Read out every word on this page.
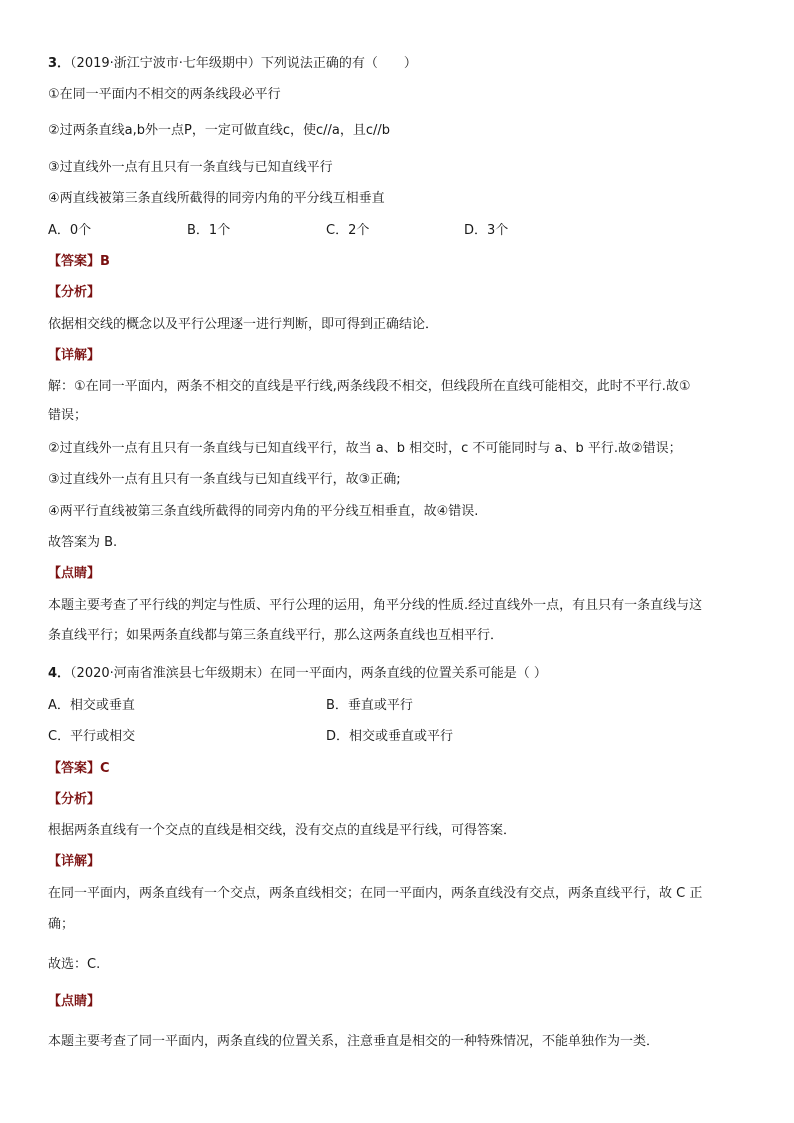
3．（2019·浙江宁波市·七年级期中）下列说法正确的有（　　）
①在同一平面内不相交的两条线段必平行
②过两条直线a,b外一点P，一定可做直线c，使c//a，且c//b
③过直线外一点有且只有一条直线与已知直线平行
④两直线被第三条直线所截得的同旁内角的平分线互相垂直
A．0个	B．1个	C．2个	D．3个
【答案】B
【分析】
依据相交线的概念以及平行公理逐一进行判断，即可得到正确结论．
【详解】
解：①在同一平面内，两条不相交的直线是平行线,两条线段不相交，但线段所在直线可能相交，此时不平行.故①
错误；
②过直线外一点有且只有一条直线与已知直线平行，故当 a、b 相交时，c 不可能同时与 a、b 平行.故②错误；
③过直线外一点有且只有一条直线与已知直线平行，故③正确;
④两平行直线被第三条直线所截得的同旁内角的平分线互相垂直，故④错误.
故答案为 B.
【点睛】
本题主要考查了平行线的判定与性质、平行公理的运用，角平分线的性质.经过直线外一点，有且只有一条直线与这
条直线平行；如果两条直线都与第三条直线平行，那么这两条直线也互相平行．
4．（2020·河南省淮滨县七年级期末）在同一平面内，两条直线的位置关系可能是（ ）
A．相交或垂直	B．垂直或平行
C．平行或相交	D．相交或垂直或平行
【答案】C
【分析】
根据两条直线有一个交点的直线是相交线，没有交点的直线是平行线，可得答案．
【详解】
在同一平面内，两条直线有一个交点，两条直线相交；在同一平面内，两条直线没有交点，两条直线平行，故 C 正
确；
故选：C.
【点睛】
本题主要考查了同一平面内，两条直线的位置关系，注意垂直是相交的一种特殊情况，不能单独作为一类．
